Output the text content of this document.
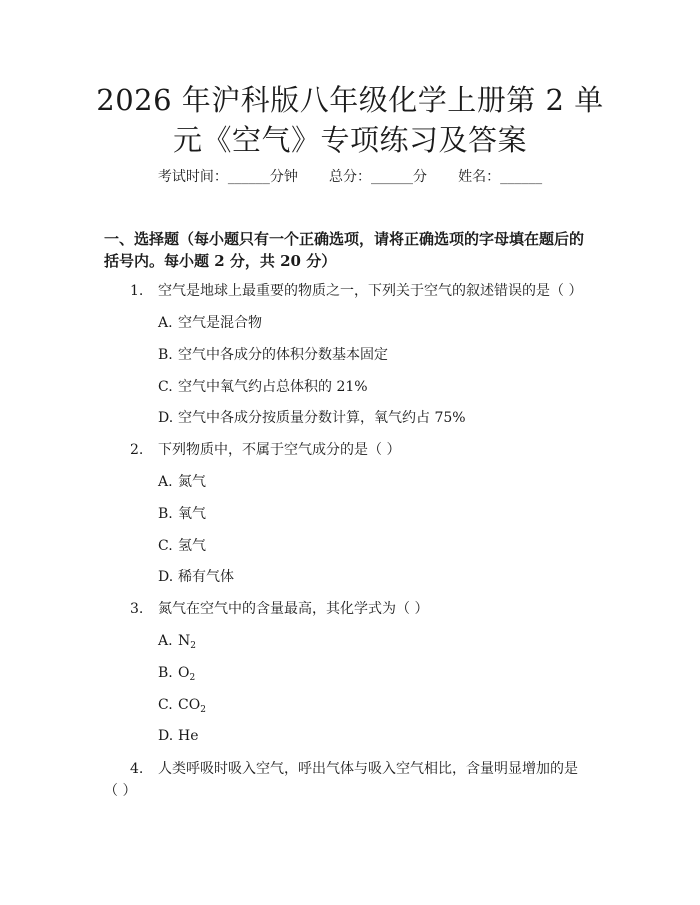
2026 年沪科版八年级化学上册第 2 单元《空气》专项练习及答案
考试时间：______分钟       总分：______分       姓名：______
一、选择题（每小题只有一个正确选项，请将正确选项的字母填在题后的括号内。每小题 2 分，共 20 分）
1. 空气是地球上最重要的物质之一，下列关于空气的叙述错误的是（ ）
A. 空气是混合物
B. 空气中各成分的体积分数基本固定
C. 空气中氧气约占总体积的 21%
D. 空气中各成分按质量分数计算，氧气约占 75%
2. 下列物质中，不属于空气成分的是（ ）
A. 氮气
B. 氧气
C. 氢气
D. 稀有气体
3. 氮气在空气中的含量最高，其化学式为（ ）
A. $N_2$
B. $O_2$
C. $CO_2$
D. He
4.	人类呼吸时吸入空气，呼出气体与吸入空气相比，含量明显增加的是（ ）
